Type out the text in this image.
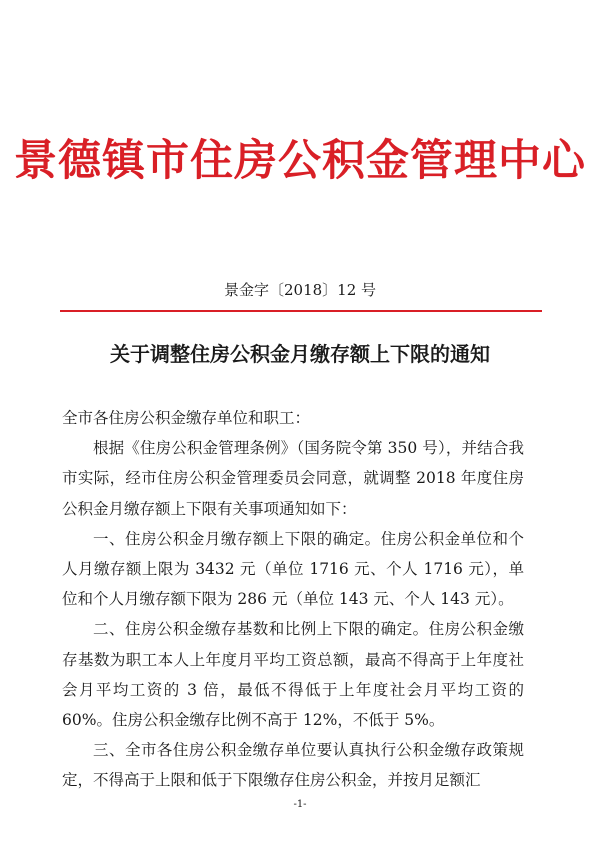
景德镇市住房公积金管理中心
景金字〔2018〕12 号
关于调整住房公积金月缴存额上下限的通知

全市各住房公积金缴存单位和职工：

根据《住房公积金管理条例》（国务院令第 350 号），并结合我市实际，经市住房公积金管理委员会同意，就调整 2018 年度住房公积金月缴存额上下限有关事项通知如下：

一、住房公积金月缴存额上下限的确定。住房公积金单位和个人月缴存额上限为 3432 元（单位 1716 元、个人 1716 元），单位和个人月缴存额下限为 286 元（单位 143 元、个人 143 元）。

二、住房公积金缴存基数和比例上下限的确定。住房公积金缴存基数为职工本人上年度月平均工资总额，最高不得高于上年度社会月平均工资的 3 倍，最低不得低于上年度社会月平均工资的 60%。住房公积金缴存比例不高于 12%，不低于 5%。

三、全市各住房公积金缴存单位要认真执行公积金缴存政策规定，不得高于上限和低于下限缴存住房公积金，并按月足额汇

-1-
